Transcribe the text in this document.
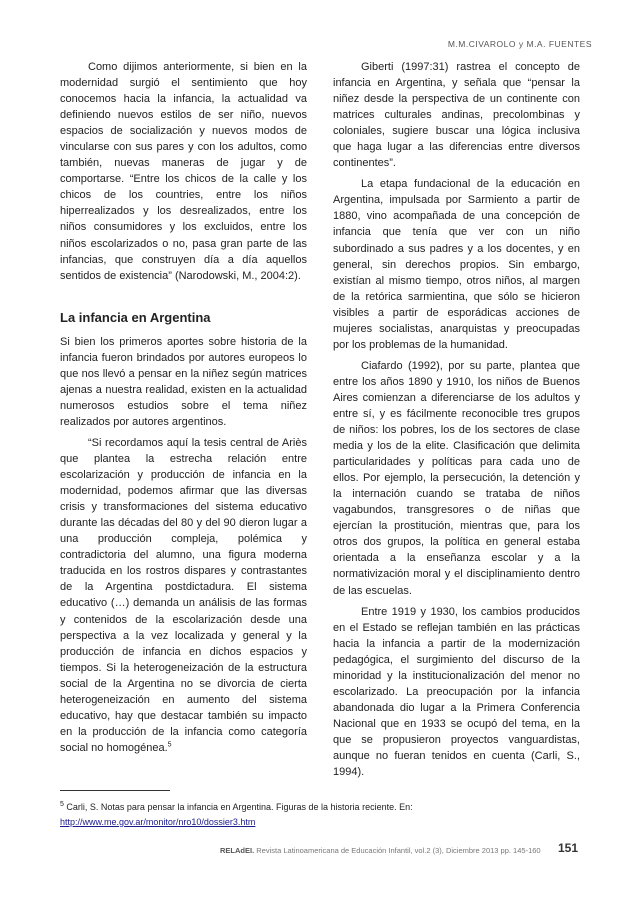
M.M.CIVAROLO y M.A. FUENTES

Como dijimos anteriormente, si bien en la modernidad surgió el sentimiento que hoy conocemos hacia la infancia, la actualidad va definiendo nuevos estilos de ser niño, nuevos espacios de socialización y nuevos modos de vincularse con sus pares y con los adultos, como también, nuevas maneras de jugar y de comportarse. “Entre los chicos de la calle y los chicos de los countries, entre los niños hiperrealizados y los desrealizados, entre los niños consumidores y los excluidos, entre los niños escolarizados o no, pasa gran parte de las infancias, que construyen día a día aquellos sentidos de existencia” (Narodowski, M., 2004:2).

La infancia en Argentina

Si bien los primeros aportes sobre historia de la infancia fueron brindados por autores europeos lo que nos llevó a pensar en la niñez según matrices ajenas a nuestra realidad, existen en la actualidad numerosos estudios sobre el tema niñez realizados por autores argentinos.

“Si recordamos aquí la tesis central de Ariès que plantea la estrecha relación entre escolarización y producción de infancia en la modernidad, podemos afirmar que las diversas crisis y transformaciones del sistema educativo durante las décadas del 80 y del 90 dieron lugar a una producción compleja, polémica y contradictoria del alumno, una figura moderna traducida en los rostros dispares y contrastantes de la Argentina postdictadura. El sistema educativo (…) demanda un análisis de las formas y contenidos de la escolarización desde una perspectiva a la vez localizada y general y la producción de infancia en dichos espacios y tiempos. Si la heterogeneización de la estructura social de la Argentina no se divorcia de cierta heterogeneización en aumento del sistema educativo, hay que destacar también su impacto en la producción de la infancia como categoría social no homogénea.$^5$

Giberti (1997:31) rastrea el concepto de infancia en Argentina, y señala que “pensar la niñez desde la perspectiva de un continente con matrices culturales andinas, precolombinas y coloniales, sugiere buscar una lógica inclusiva que haga lugar a las diferencias entre diversos continentes”.

La etapa fundacional de la educación en Argentina, impulsada por Sarmiento a partir de 1880, vino acompañada de una concepción de infancia que tenía que ver con un niño subordinado a sus padres y a los docentes, y en general, sin derechos propios. Sin embargo, existían al mismo tiempo, otros niños, al margen de la retórica sarmientina, que sólo se hicieron visibles a partir de esporádicas acciones de mujeres socialistas, anarquistas y preocupadas por los problemas de la humanidad.

Ciafardo (1992), por su parte, plantea que entre los años 1890 y 1910, los niños de Buenos Aires comienzan a diferenciarse de los adultos y entre sí, y es fácilmente reconocible tres grupos de niños: los pobres, los de los sectores de clase media y los de la elite. Clasificación que delimita particularidades y políticas para cada uno de ellos. Por ejemplo, la persecución, la detención y la internación cuando se trataba de niños vagabundos, transgresores o de niñas que ejercían la prostitución, mientras que, para los otros dos grupos, la política en general estaba orientada a la enseñanza escolar y a la normativización moral y el disciplinamiento dentro de las escuelas.

Entre 1919 y 1930, los cambios producidos en el Estado se reflejan también en las prácticas hacia la infancia a partir de la modernización pedagógica, el surgimiento del discurso de la minoridad y la institucionalización del menor no escolarizado. La preocupación por la infancia abandonada dio lugar a la Primera Conferencia Nacional que en 1933 se ocupó del tema, en la que se propusieron proyectos vanguardistas, aunque no fueran tenidos en cuenta (Carli, S., 1994).

$^5$ Carli, S. Notas para pensar la infancia en Argentina. Figuras de la historia reciente. En: http://www.me.gov.ar/monitor/nro10/dossier3.htm
RELAdEI. Revista Latinoamericana de Educación Infantil, vol.2 (3), Diciembre 2013 pp. 145-160	151
